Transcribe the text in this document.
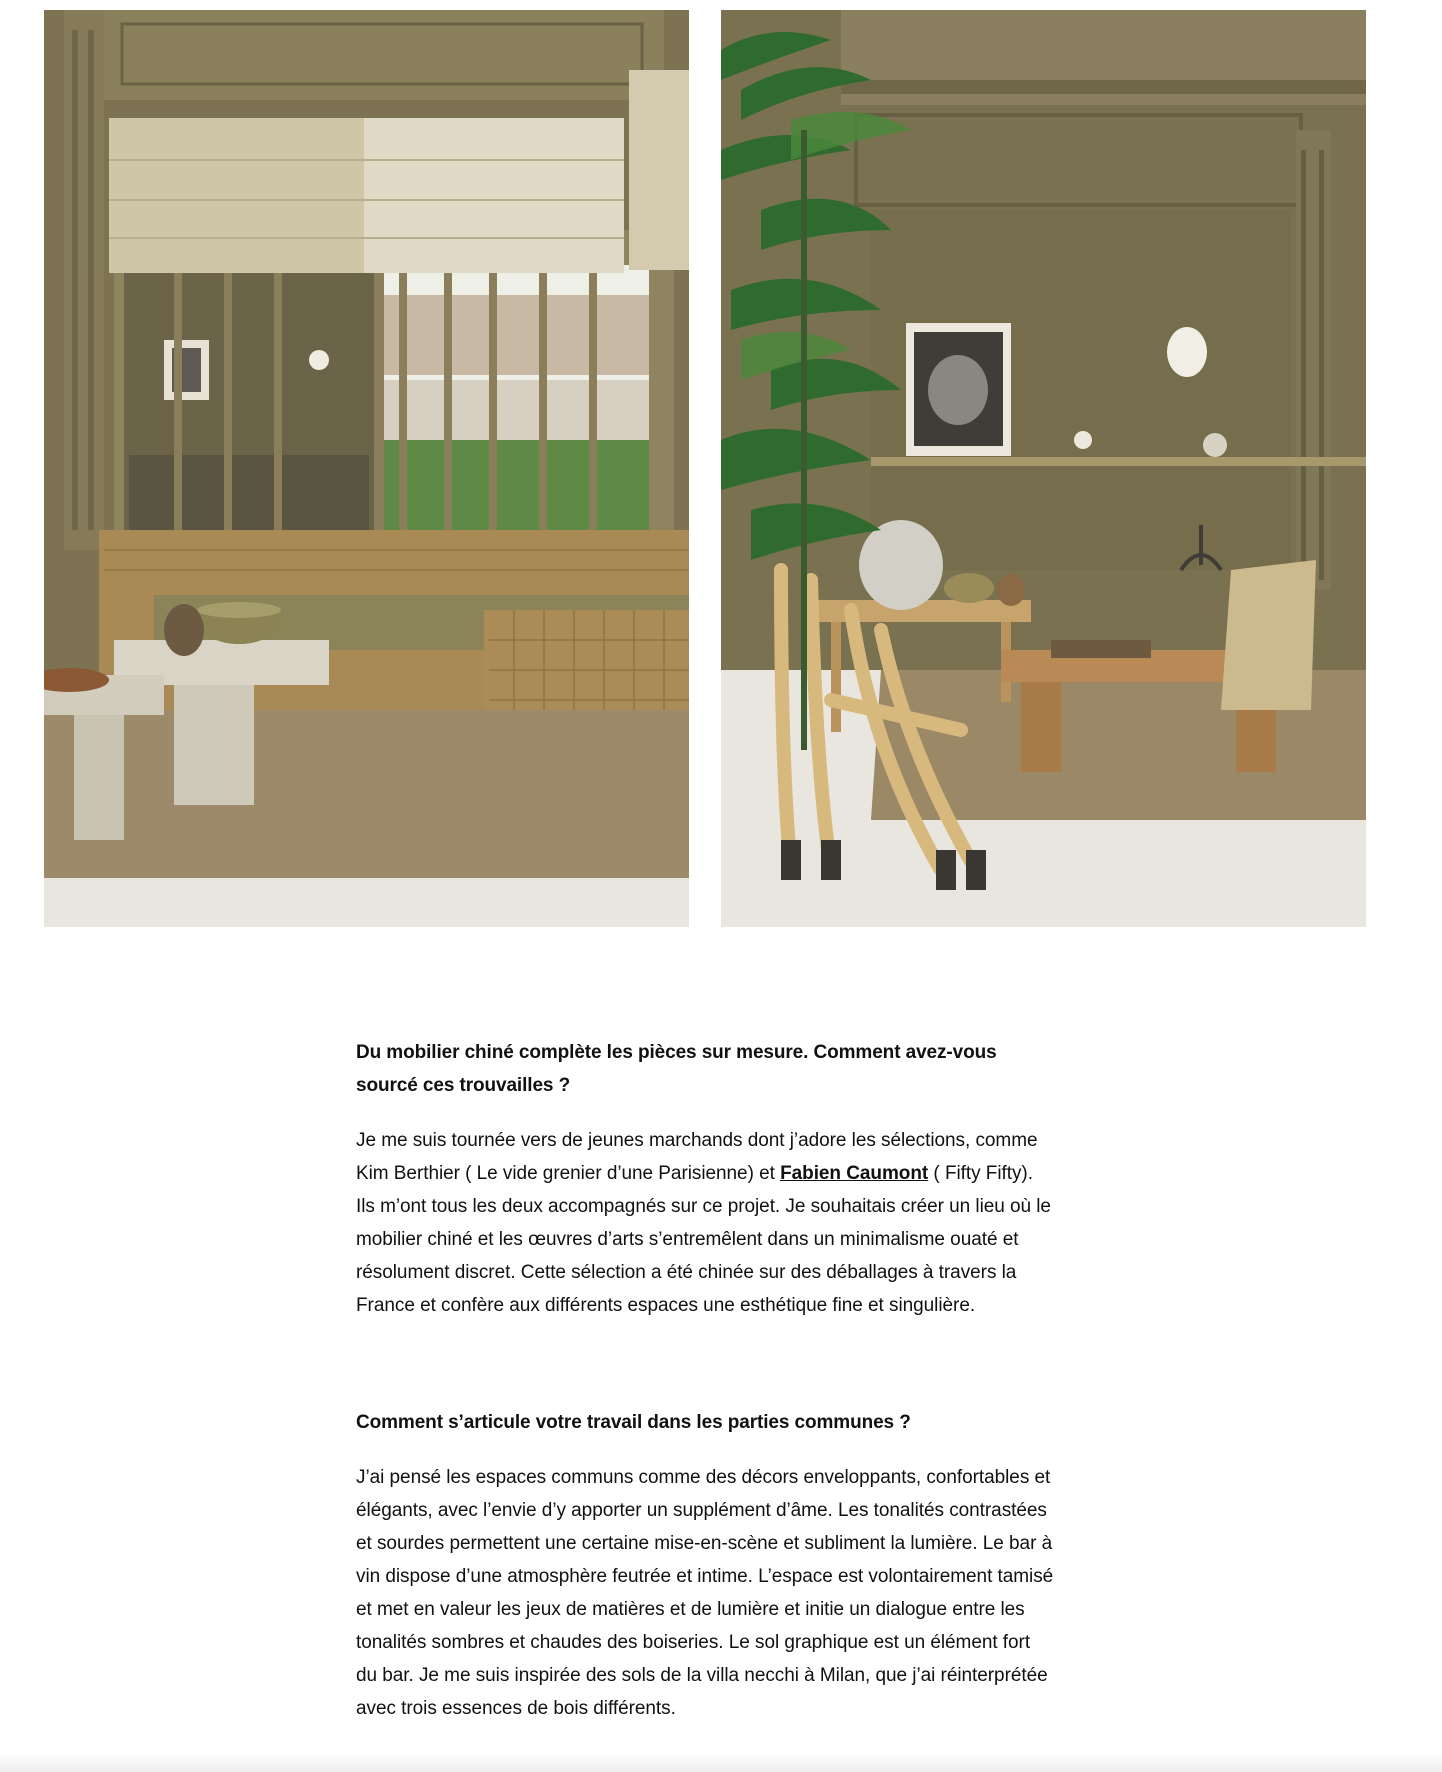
Du mobilier chiné complète les pièces sur mesure. Comment avez-vous sourcé ces trouvailles ?

Je me suis tournée vers de jeunes marchands dont j’adore les sélections, comme Kim Berthier ( Le vide grenier d’une Parisienne) et Fabien Caumont ( Fifty Fifty). Ils m’ont tous les deux accompagnés sur ce projet. Je souhaitais créer un lieu où le mobilier chiné et les œuvres d’arts s’entremêlent dans un minimalisme ouaté et résolument discret. Cette sélection a été chinée sur des déballages à travers la France et confère aux différents espaces une esthétique fine et singulière.

Comment s’articule votre travail dans les parties communes ?

J’ai pensé les espaces communs comme des décors enveloppants, confortables et élégants, avec l’envie d’y apporter un supplément d’âme. Les tonalités contrastées et sourdes permettent une certaine mise-en-scène et subliment la lumière. Le bar à vin dispose d’une atmosphère feutrée et intime. L’espace est volontairement tamisé et met en valeur les jeux de matières et de lumière et initie un dialogue entre les tonalités sombres et chaudes des boiseries. Le sol graphique est un élément fort du bar. Je me suis inspirée des sols de la villa necchi à Milan, que j’ai réinterprétée avec trois essences de bois différents.
